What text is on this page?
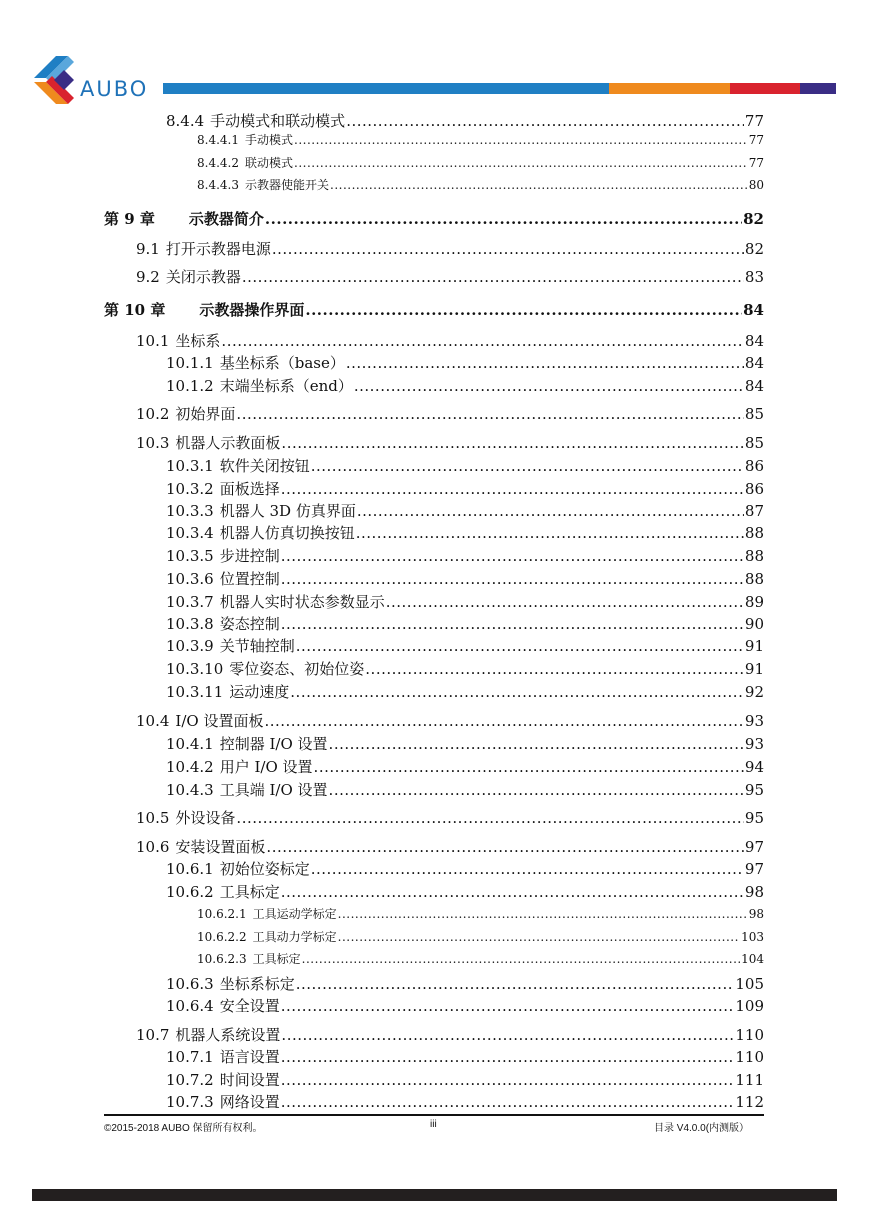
AUBO
8.4.4 手动模式和联动模式 .....	77
8.4.4.1 手动模式 .....	77
8.4.4.2 联动模式 .....	77
8.4.4.3 示教器使能开关 .....	80
第 9 章 示教器简介 .....	82
9.1 打开示教器电源 .....	82
9.2 关闭示教器 .....	83
第 10 章 示教器操作界面 .....	84
10.1 坐标系 .....	84
10.1.1 基坐标系（base） .....	84
10.1.2 末端坐标系（end） .....	84
10.2 初始界面 .....	85
10.3 机器人示教面板 .....	85
10.3.1 软件关闭按钮 .....	86
10.3.2 面板选择 .....	86
10.3.3 机器人 3D 仿真界面 .....	87
10.3.4 机器人仿真切换按钮 .....	88
10.3.5 步进控制 .....	88
10.3.6 位置控制 .....	88
10.3.7 机器人实时状态参数显示 .....	89
10.3.8 姿态控制 .....	90
10.3.9 关节轴控制 .....	91
10.3.10 零位姿态、初始位姿 .....	91
10.3.11 运动速度 .....	92
10.4 I/O 设置面板 .....	93
10.4.1 控制器 I/O 设置 .....	93
10.4.2 用户 I/O 设置 .....	94
10.4.3 工具端 I/O 设置 .....	95
10.5 外设设备 .....	95
10.6 安装设置面板 .....	97
10.6.1 初始位姿标定 .....	97
10.6.2 工具标定 .....	98
10.6.2.1 工具运动学标定 .....	98
10.6.2.2 工具动力学标定 .....	103
10.6.2.3 工具标定 .....	104
10.6.3 坐标系标定 .....	105
10.6.4 安全设置 .....	109
10.7 机器人系统设置 .....	110
10.7.1 语言设置 .....	110
10.7.2 时间设置 .....	111
10.7.3 网络设置 .....	112
©2015-2018 AUBO 保留所有权利。	iii	目录 V4.0.0(内测版）
